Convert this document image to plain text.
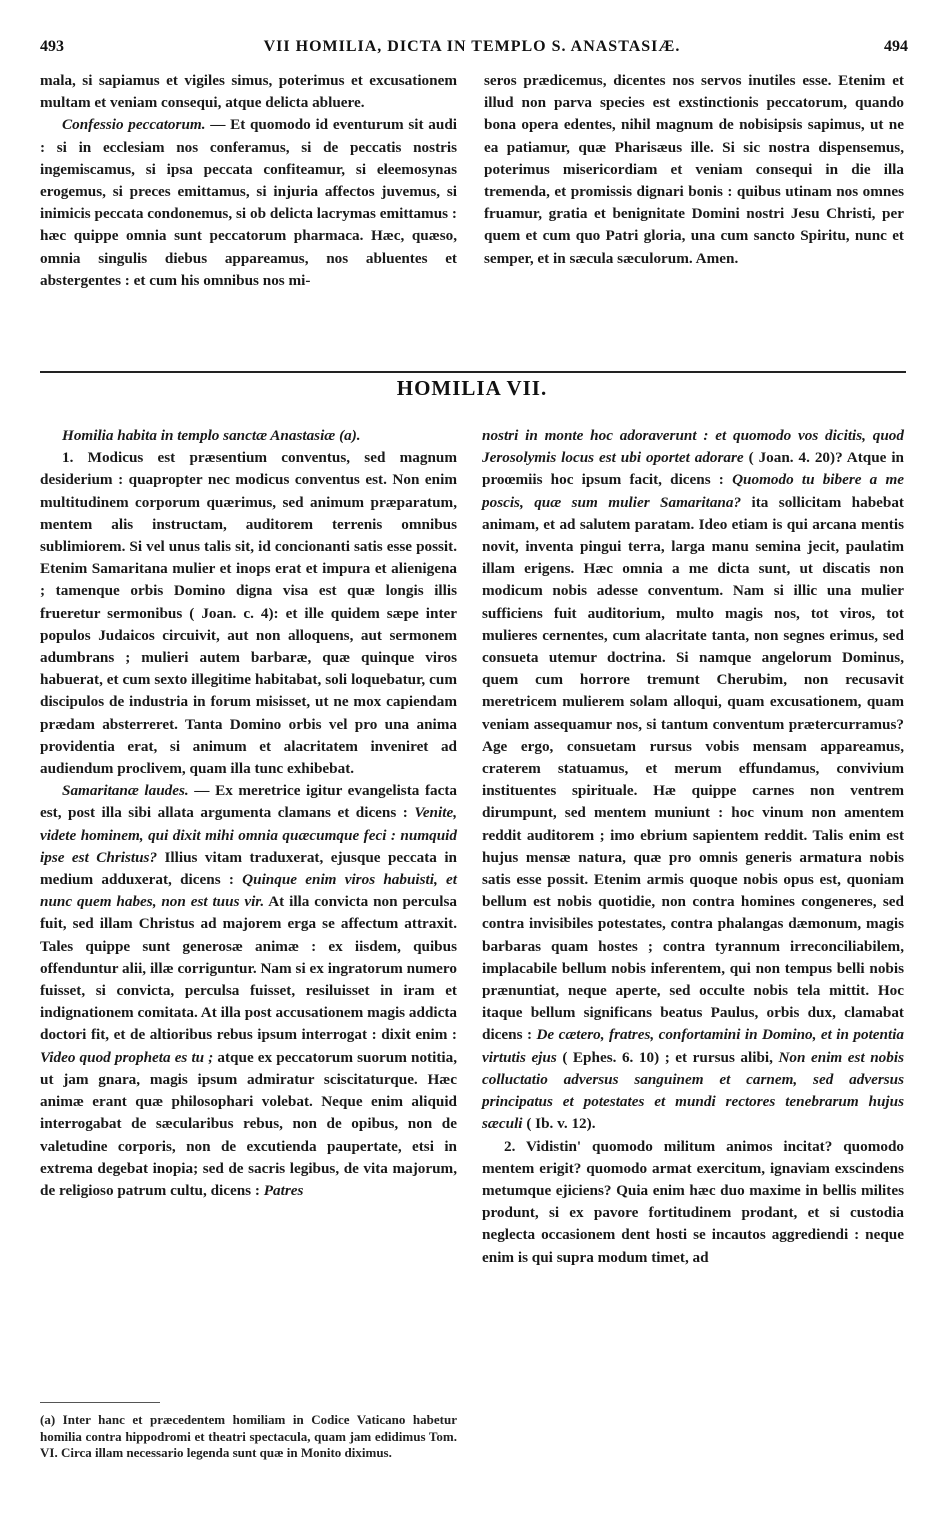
493	VII HOMILIA, DICTA IN TEMPLO S. ANASTASIÆ.	494

mala, si sapiamus et vigiles simus, poterimus et excusationem multam et veniam consequi, atque delicta abluere.

Confessio peccatorum. — Et quomodo id eventurum sit audi : si in ecclesiam nos conferamus, si de peccatis nostris ingemiscamus, si ipsa peccata confiteamur, si eleemosynas erogemus, si preces emittamus, si injuria affectos juvemus, si inimicis peccata condonemus, si ob delicta lacrymas emittamus : hæc quippe omnia sunt peccatorum pharmaca. Hæc, quæso, omnia singulis diebus appareamus, nos abluentes et abstergentes : et cum his omnibus nos mi-

seros prædicemus, dicentes nos servos inutiles esse. Etenim et illud non parva species est exstinctionis peccatorum, quando bona opera edentes, nihil magnum de nobisipsis sapimus, ut ne ea patiamur, quæ Pharisæus ille. Si sic nostra dispensemus, poterimus misericordiam et veniam consequi in die illa tremenda, et promissis dignari bonis : quibus utinam nos omnes fruamur, gratia et benignitate Domini nostri Jesu Christi, per quem et cum quo Patri gloria, una cum sancto Spiritu, nunc et semper, et in sæcula sæculorum. Amen.

HOMILIA VII.

Homilia habita in templo sanctæ Anastasiæ (a).

1. Modicus est præsentium conventus, sed magnum desiderium : quapropter nec modicus conventus est. Non enim multitudinem corporum quærimus, sed animum præparatum, mentem alis instructam, auditorem terrenis omnibus sublimiorem. Si vel unus talis sit, id concionanti satis esse possit. Etenim Samaritana mulier et inops erat et impura et alienigena ; tamenque orbis Domino digna visa est quæ longis illis frueretur sermonibus ( Joan. c. 4): et ille quidem sæpe inter populos Judaicos circuivit, aut non alloquens, aut sermonem adumbrans ; mulieri autem barbaræ, quæ quinque viros habuerat, et cum sexto illegitime habitabat, soli loquebatur, cum discipulos de industria in forum misisset, ut ne mox capiendam prædam absterreret. Tanta Domino orbis vel pro una anima providentia erat, si animum et alacritatem inveniret ad audiendum proclivem, quam illa tunc exhibebat.

Samaritanæ laudes. — Ex meretrice igitur evangelista facta est, post illa sibi allata argumenta clamans et dicens : Venite, videte hominem, qui dixit mihi omnia quæcumque feci : numquid ipse est Christus? Illius vitam traduxerat, ejusque peccata in medium adduxerat, dicens : Quinque enim viros habuisti, et nunc quem habes, non est tuus vir. At illa convicta non perculsa fuit, sed illam Christus ad majorem erga se affectum attraxit. Tales quippe sunt generosæ animæ : ex iisdem, quibus offenduntur alii, illæ corriguntur. Nam si ex ingratorum numero fuisset, si convicta, perculsa fuisset, resiluisset in iram et indignationem comitata. At illa post accusationem magis addicta doctori fit, et de altioribus rebus ipsum interrogat : dixit enim : Video quod propheta es tu ; atque ex peccatorum suorum notitia, ut jam gnara, magis ipsum admiratur sciscitaturque. Hæc animæ erant quæ philosophari volebat. Neque enim aliquid interrogabat de sæcularibus rebus, non de opibus, non de valetudine corporis, non de excutienda paupertate, etsi in extrema degebat inopia; sed de sacris legibus, de vita majorum, de religioso patrum cultu, dicens : Patres

nostri in monte hoc adoraverunt : et quomodo vos dicitis, quod Jerosolymis locus est ubi oportet adorare ( Joan. 4. 20)? Atque in proœmiis hoc ipsum facit, dicens : Quomodo tu bibere a me poscis, quæ sum mulier Samaritana? ita sollicitam habebat animam, et ad salutem paratam. Ideo etiam is qui arcana mentis novit, inventa pingui terra, larga manu semina jecit, paulatim illam erigens. Hæc omnia a me dicta sunt, ut discatis non modicum nobis adesse conventum. Nam si illic una mulier sufficiens fuit auditorium, multo magis nos, tot viros, tot mulieres cernentes, cum alacritate tanta, non segnes erimus, sed consueta utemur doctrina. Si namque angelorum Dominus, quem cum horrore tremunt Cherubim, non recusavit meretricem mulierem solam alloqui, quam excusationem, quam veniam assequamur nos, si tantum conventum prætercurramus? Age ergo, consuetam rursus vobis mensam appareamus, craterem statuamus, et merum effundamus, convivium instituentes spirituale. Hæ quippe carnes non ventrem dirumpunt, sed mentem muniunt : hoc vinum non amentem reddit auditorem ; imo ebrium sapientem reddit. Talis enim est hujus mensæ natura, quæ pro omnis generis armatura nobis satis esse possit. Etenim armis quoque nobis opus est, quoniam bellum est nobis quotidie, non contra homines congeneres, sed contra invisibiles potestates, contra phalangas dæmonum, magis barbaras quam hostes ; contra tyrannum irreconciliabilem, implacabile bellum nobis inferentem, qui non tempus belli nobis prænuntiat, neque aperte, sed occulte nobis tela mittit. Hoc itaque bellum significans beatus Paulus, orbis dux, clamabat dicens : De cætero, fratres, confortamini in Domino, et in potentia virtutis ejus ( Ephes. 6. 10) ; et rursus alibi, Non enim est nobis colluctatio adversus sanguinem et carnem, sed adversus principatus et potestates et mundi rectores tenebrarum hujus sæculi ( Ib. v. 12).

2. Vidistin' quomodo militum animos incitat? quomodo mentem erigit? quomodo armat exercitum, ignaviam exscindens metumque ejiciens? Quia enim hæc duo maxime in bellis milites produnt, si ex pavore fortitudinem prodant, et si custodia neglecta occasionem dent hosti se incautos aggrediendi : neque enim is qui supra modum timet, ad

(a) Inter hanc et præcedentem homiliam in Codice Vaticano habetur homilia contra hippodromi et theatri spectacula, quam jam edidimus Tom. VI. Circa illam necessario legenda sunt quæ in Monito diximus.
